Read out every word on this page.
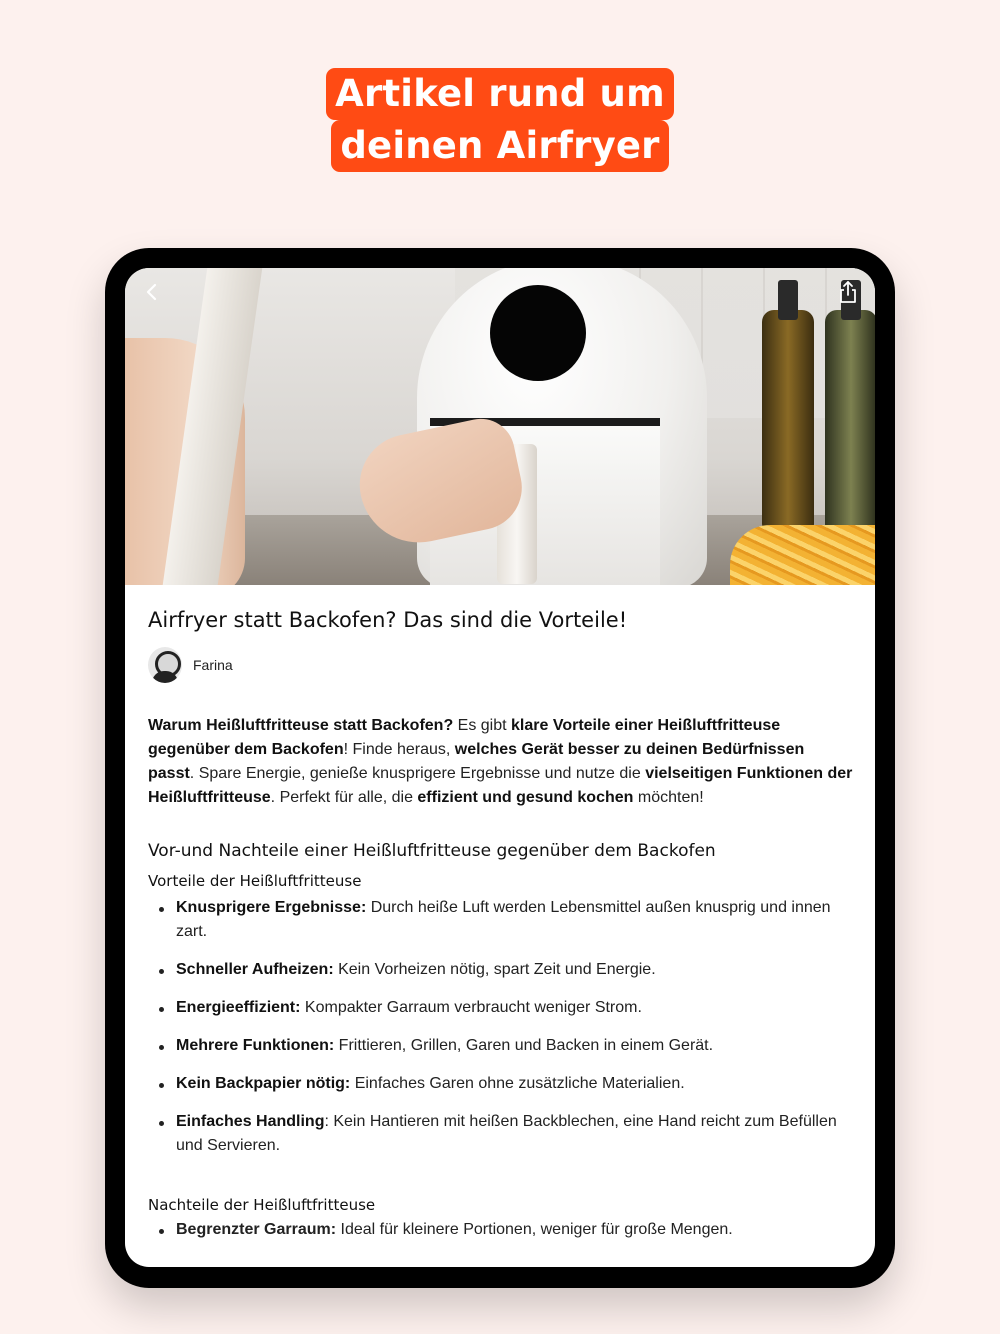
Artikel rund um
deinen Airfryer
Airfryer statt Backofen? Das sind die Vorteile!
Farina

Warum Heißluftfritteuse statt Backofen? Es gibt klare Vorteile einer Heißluftfritteuse gegenüber dem Backofen! Finde heraus, welches Gerät besser zu deinen Bedürfnissen passt. Spare Energie, genieße knusprigere Ergebnisse und nutze die vielseitigen Funktionen der Heißluftfritteuse. Perfekt für alle, die effizient und gesund kochen möchten!

Vor-und Nachteile einer Heißluftfritteuse gegenüber dem Backofen
Vorteile der Heißluftfritteuse
Knusprigere Ergebnisse: Durch heiße Luft werden Lebensmittel außen knusprig und innen zart.
Schneller Aufheizen: Kein Vorheizen nötig, spart Zeit und Energie.
Energieeffizient: Kompakter Garraum verbraucht weniger Strom.
Mehrere Funktionen: Frittieren, Grillen, Garen und Backen in einem Gerät.
Kein Backpapier nötig: Einfaches Garen ohne zusätzliche Materialien.
Einfaches Handling: Kein Hantieren mit heißen Backblechen, eine Hand reicht zum Befüllen und Servieren.
Nachteile der Heißluftfritteuse
Begrenzter Garraum: Ideal für kleinere Portionen, weniger für große Mengen.
